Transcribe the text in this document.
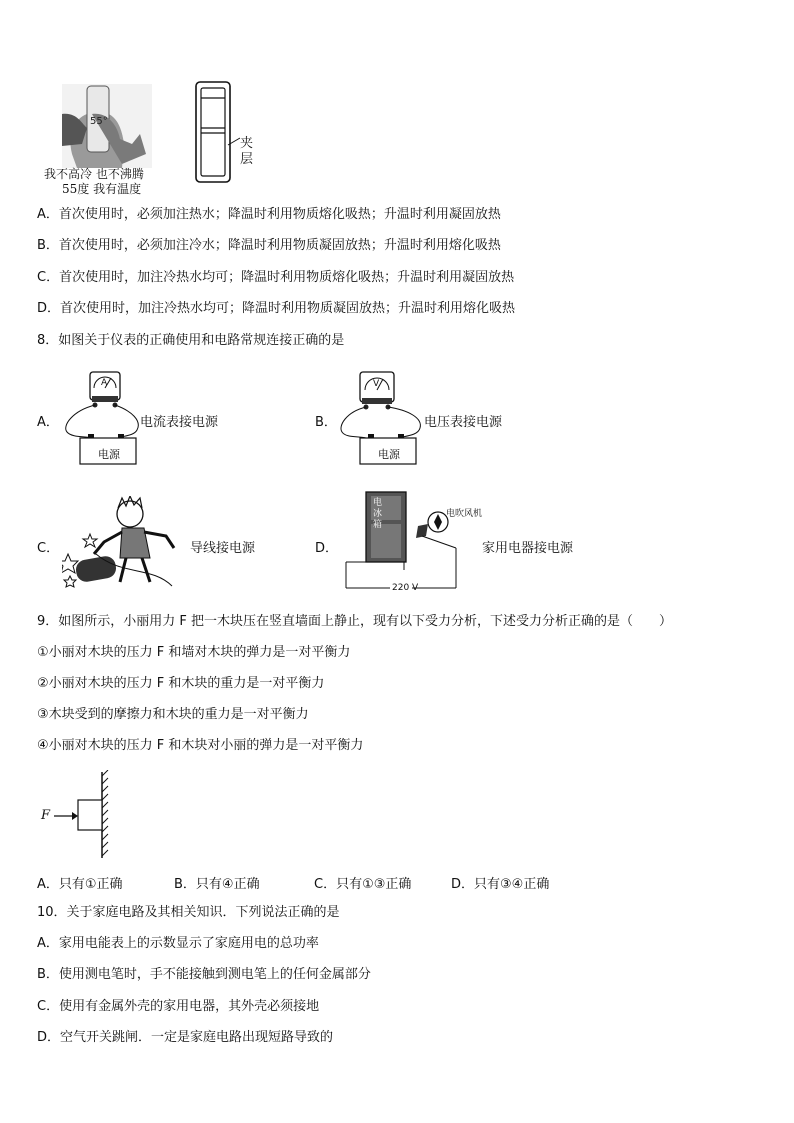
55°
我不高冷 也不沸腾
55度 我有温度
夹
层
A．首次使用时，必须加注热水；降温时利用物质熔化吸热；升温时利用凝固放热
B．首次使用时，必须加注冷水；降温时利用物质凝固放热；升温时利用熔化吸热
C．首次使用时，加注冷热水均可；降温时利用物质熔化吸热；升温时利用凝固放热
D．首次使用时，加注冷热水均可；降温时利用物质凝固放热；升温时利用熔化吸热
8．如图关于仪表的正确使用和电路常规连接正确的是
A．
A
电源
电流表接电源	B．
V
电源
电压表接电源
C．	导线接电源	D．
电冰箱
电吹风机
220 V
家用电器接电源
9．如图所示，小丽用力 F 把一木块压在竖直墙面上静止，现有以下受力分析，下述受力分析正确的是（　　）
①小丽对木块的压力 F 和墙对木块的弹力是一对平衡力
②小丽对木块的压力 F 和木块的重力是一对平衡力
③木块受到的摩擦力和木块的重力是一对平衡力
④小丽对木块的压力 F 和木块对小丽的弹力是一对平衡力
F
A．只有①正确	B．只有④正确	C．只有①③正确	D．只有③④正确
10．关于家庭电路及其相关知识．下列说法正确的是
A．家用电能表上的示数显示了家庭用电的总功率
B．使用测电笔时，手不能接触到测电笔上的任何金属部分
C．使用有金属外壳的家用电器，其外壳必须接地
D．空气开关跳闸．一定是家庭电路出现短路导致的
